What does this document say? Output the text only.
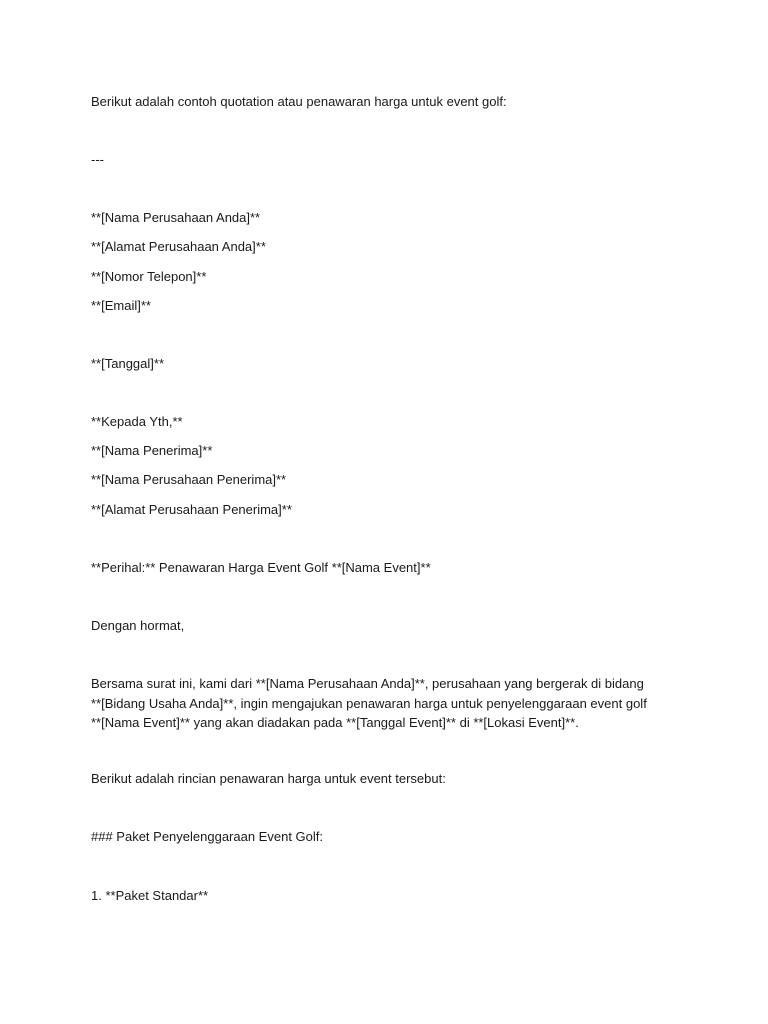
Berikut adalah contoh quotation atau penawaran harga untuk event golf:

---

**[Nama Perusahaan Anda]**

**[Alamat Perusahaan Anda]**

**[Nomor Telepon]**

**[Email]**

**[Tanggal]**

**Kepada Yth,**

**[Nama Penerima]**

**[Nama Perusahaan Penerima]**

**[Alamat Perusahaan Penerima]**

**Perihal:** Penawaran Harga Event Golf **[Nama Event]**

Dengan hormat,

Bersama surat ini, kami dari **[Nama Perusahaan Anda]**, perusahaan yang bergerak di bidang
**[Bidang Usaha Anda]**, ingin mengajukan penawaran harga untuk penyelenggaraan event golf
**[Nama Event]** yang akan diadakan pada **[Tanggal Event]** di **[Lokasi Event]**.

Berikut adalah rincian penawaran harga untuk event tersebut:

### Paket Penyelenggaraan Event Golf:

1. **Paket Standar**
